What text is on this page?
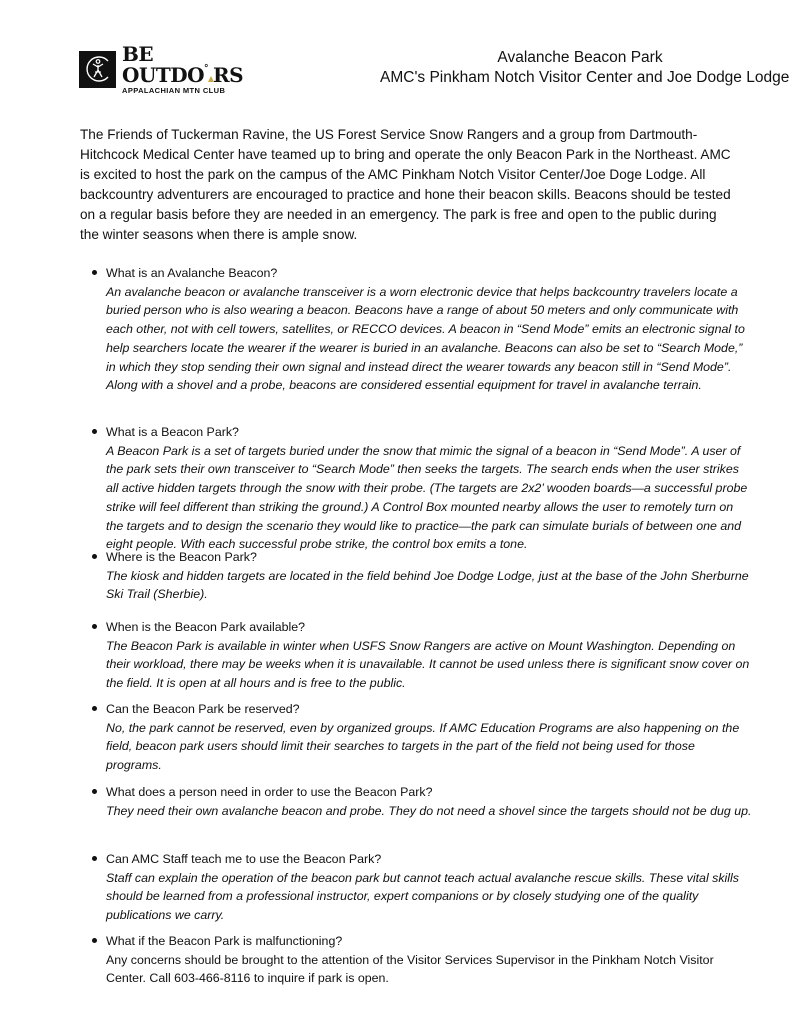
BE
OUTDO° RS
APPALACHIAN MTN CLUB
Avalanche Beacon Park
AMC's Pinkham Notch Visitor Center and Joe Dodge Lodge

The Friends of Tuckerman Ravine, the US Forest Service Snow Rangers and a group from Dartmouth-Hitchcock Medical Center have teamed up to bring and operate the only Beacon Park in the Northeast. AMC is excited to host the park on the campus of the AMC Pinkham Notch Visitor Center/Joe Doge Lodge. All backcountry adventurers are encouraged to practice and hone their beacon skills. Beacons should be tested on a regular basis before they are needed in an emergency. The park is free and open to the public during the winter seasons when there is ample snow.

What is an Avalanche Beacon?
An avalanche beacon or avalanche transceiver is a worn electronic device that helps backcountry travelers locate a buried person who is also wearing a beacon. Beacons have a range of about 50 meters and only communicate with each other, not with cell towers, satellites, or RECCO devices. A beacon in “Send Mode” emits an electronic signal to help searchers locate the wearer if the wearer is buried in an avalanche. Beacons can also be set to “Search Mode,” in which they stop sending their own signal and instead direct the wearer towards any beacon still in “Send Mode”. Along with a shovel and a probe, beacons are considered essential equipment for travel in avalanche terrain.
What is a Beacon Park?
A Beacon Park is a set of targets buried under the snow that mimic the signal of a beacon in “Send Mode”. A user of the park sets their own transceiver to “Search Mode” then seeks the targets. The search ends when the user strikes all active hidden targets through the snow with their probe. (The targets are 2x2’ wooden boards—a successful probe strike will feel different than striking the ground.) A Control Box mounted nearby allows the user to remotely turn on the targets and to design the scenario they would like to practice—the park can simulate burials of between one and eight people. With each successful probe strike, the control box emits a tone.
Where is the Beacon Park?
The kiosk and hidden targets are located in the field behind Joe Dodge Lodge, just at the base of the John Sherburne Ski Trail (Sherbie).
When is the Beacon Park available?
The Beacon Park is available in winter when USFS Snow Rangers are active on Mount Washington. Depending on their workload, there may be weeks when it is unavailable. It cannot be used unless there is significant snow cover on the field. It is open at all hours and is free to the public.
Can the Beacon Park be reserved?
No, the park cannot be reserved, even by organized groups. If AMC Education Programs are also happening on the field, beacon park users should limit their searches to targets in the part of the field not being used for those programs.
What does a person need in order to use the Beacon Park?
They need their own avalanche beacon and probe. They do not need a shovel since the targets should not be dug up.
Can AMC Staff teach me to use the Beacon Park?
Staff can explain the operation of the beacon park but cannot teach actual avalanche rescue skills. These vital skills should be learned from a professional instructor, expert companions or by closely studying one of the quality publications we carry.
What if the Beacon Park is malfunctioning?
Any concerns should be brought to the attention of the Visitor Services Supervisor in the Pinkham Notch Visitor Center. Call 603-466-8116 to inquire if park is open.
